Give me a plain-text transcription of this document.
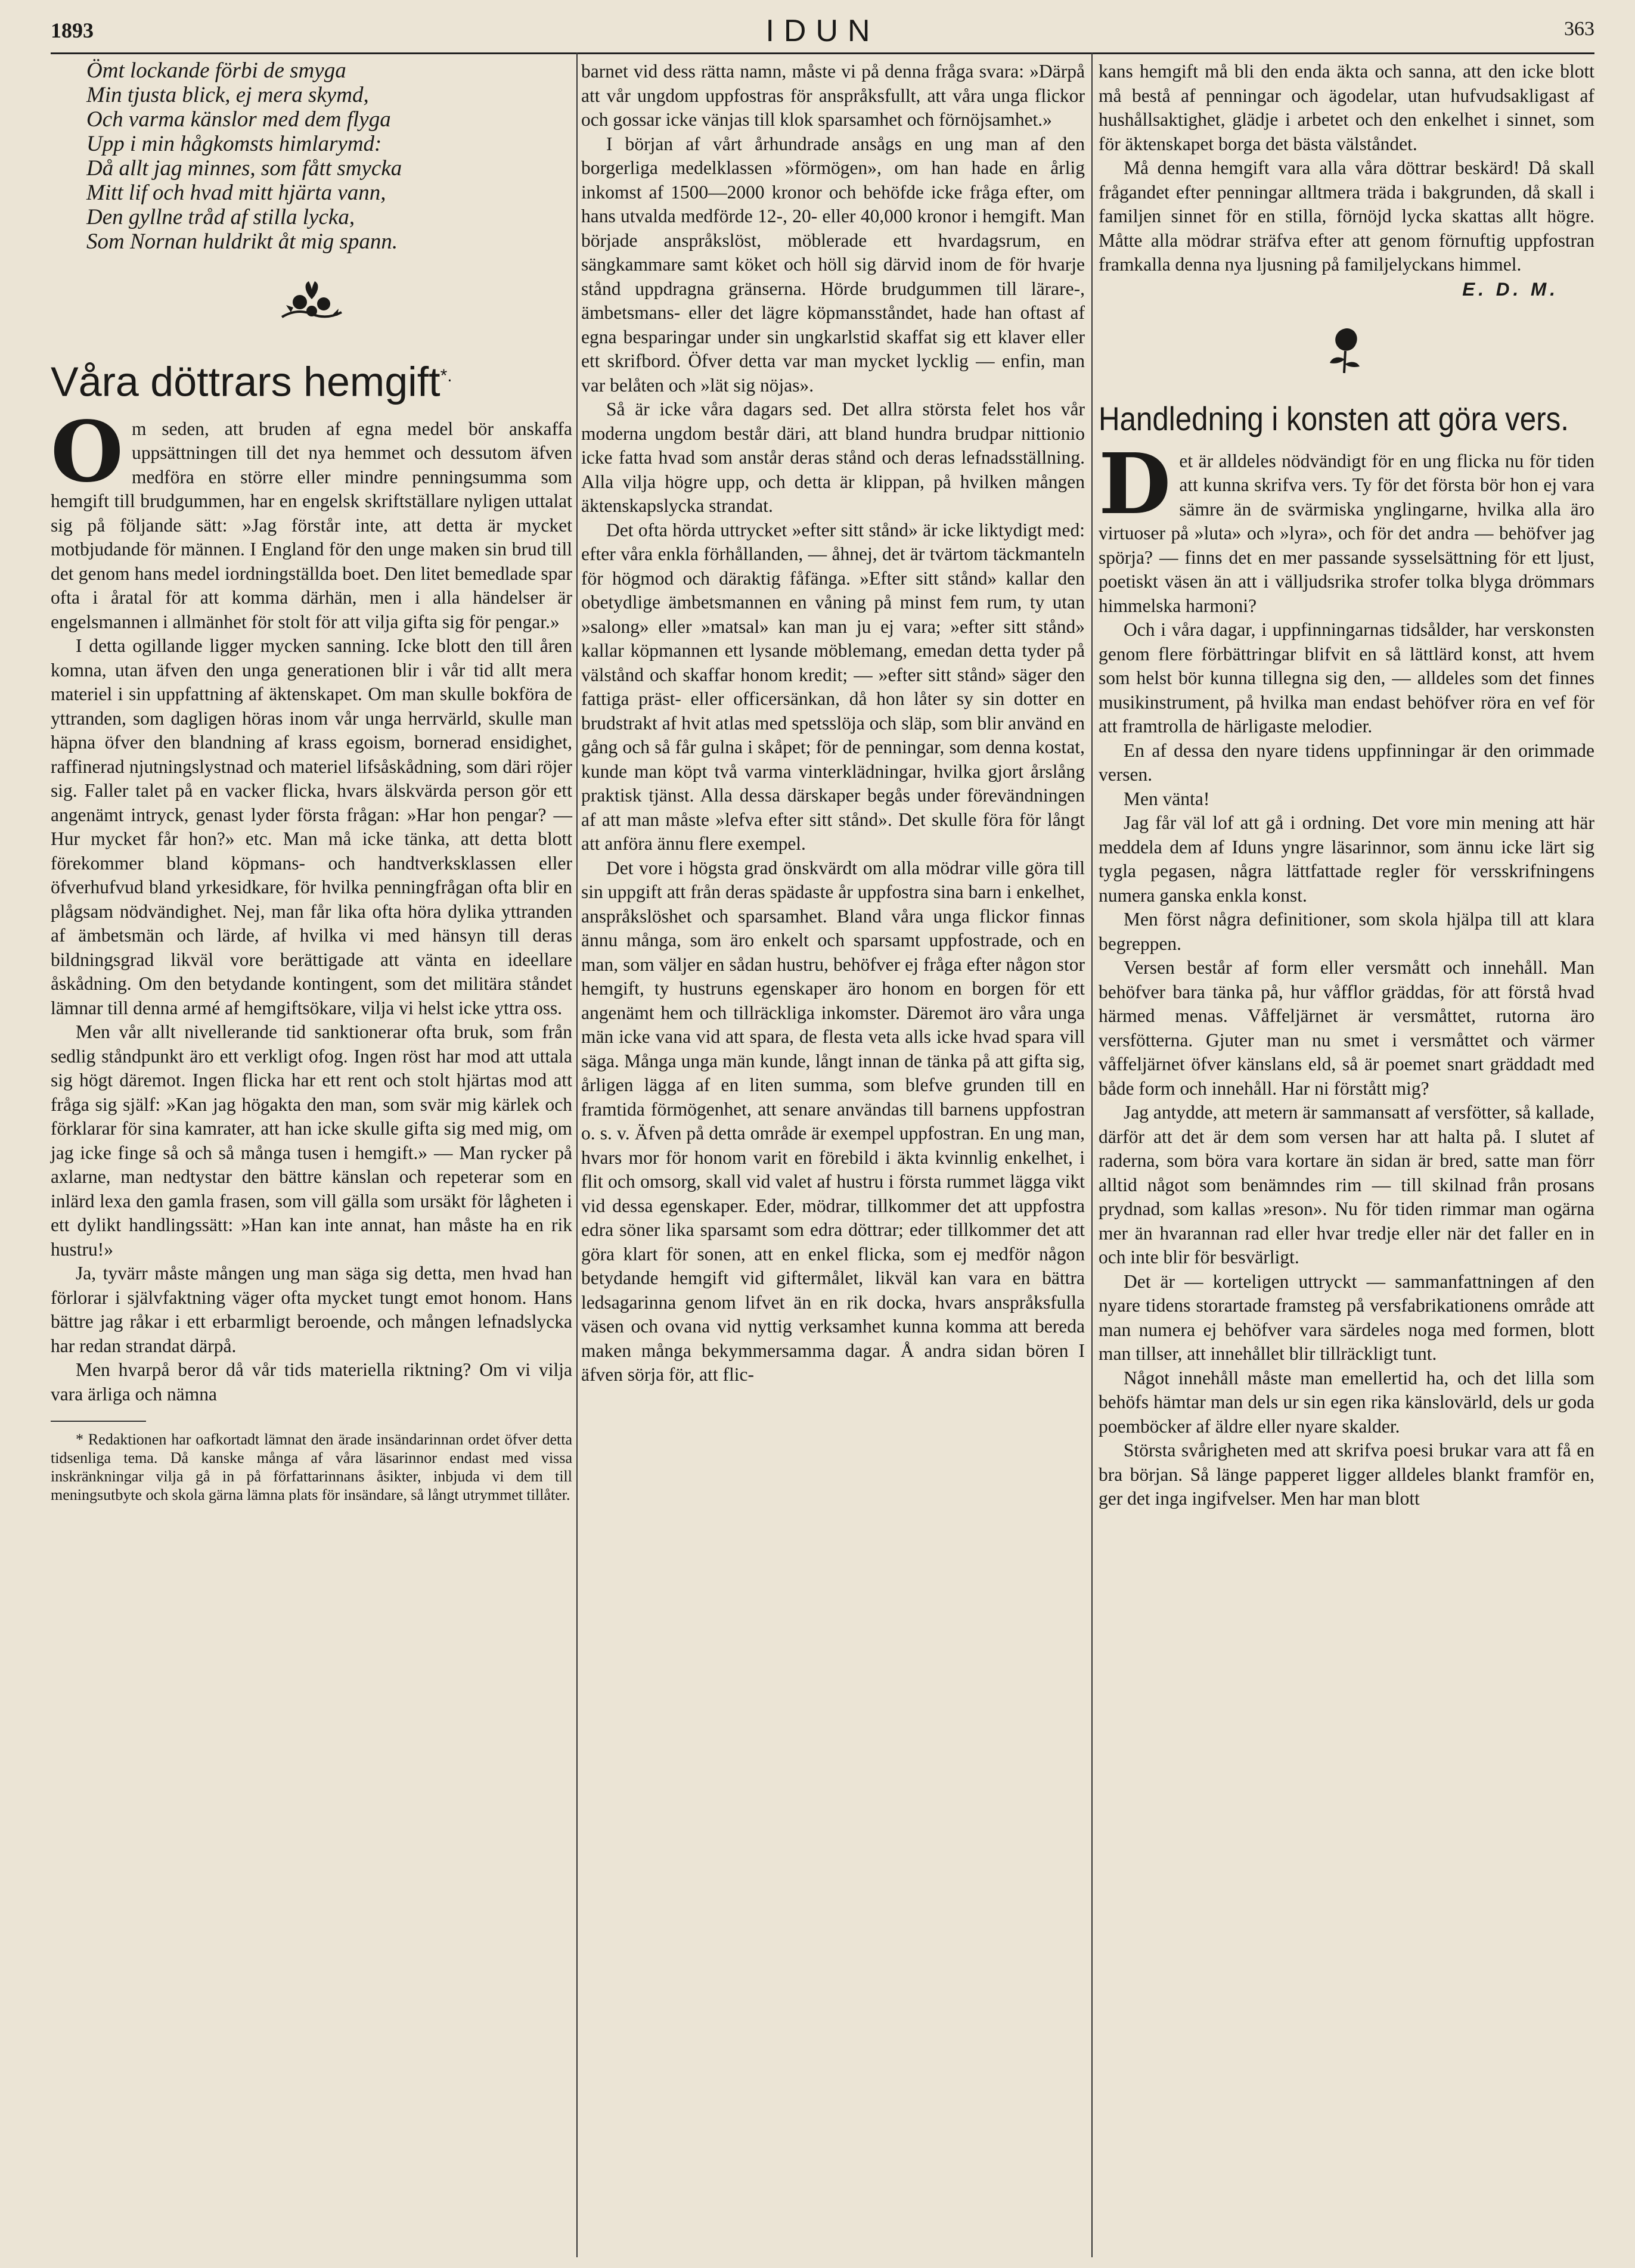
1893	IDUN	363
Ömt lockande förbi de smyga
Min tjusta blick, ej mera skymd,
Och varma känslor med dem flyga
Upp i min hågkomsts himlarymd:
Då allt jag minnes, som fått smycka
Mitt lif och hvad mitt hjärta vann,
Den gyllne tråd af stilla lycka,
Som Nornan huldrikt åt mig spann.
Våra döttrars hemgift*.

Om seden, att bruden af egna medel bör anskaffa uppsättningen till det nya hemmet och dessutom äfven medföra en större eller mindre penningsumma som hemgift till brudgummen, har en engelsk skriftställare nyligen uttalat sig på följande sätt: »Jag förstår inte, att detta är mycket motbjudande för männen. I England för den unge maken sin brud till det genom hans medel iordningställda boet. Den litet bemedlade spar ofta i åratal för att komma därhän, men i alla händelser är engelsmannen i allmänhet för stolt för att vilja gifta sig för pengar.»

I detta ogillande ligger mycken sanning. Icke blott den till åren komna, utan äfven den unga generationen blir i vår tid allt mera materiel i sin uppfattning af äktenskapet. Om man skulle bokföra de yttranden, som dagligen höras inom vår unga herrvärld, skulle man häpna öfver den blandning af krass egoism, bornerad ensidighet, raffinerad njutningslystnad och materiel lifsåskådning, som däri röjer sig. Faller talet på en vacker flicka, hvars älskvärda person gör ett angenämt intryck, genast lyder första frågan: »Har hon pengar? — Hur mycket får hon?» etc. Man må icke tänka, att detta blott förekommer bland köpmans- och handtverksklassen eller öfverhufvud bland yrkesidkare, för hvilka penningfrågan ofta blir en plågsam nödvändighet. Nej, man får lika ofta höra dylika yttranden af ämbetsmän och lärde, af hvilka vi med hänsyn till deras bildningsgrad likväl vore berättigade att vänta en ideellare åskådning. Om den betydande kontingent, som det militära ståndet lämnar till denna armé af hemgiftsökare, vilja vi helst icke yttra oss.

Men vår allt nivellerande tid sanktionerar ofta bruk, som från sedlig ståndpunkt äro ett verkligt ofog. Ingen röst har mod att uttala sig högt däremot. Ingen flicka har ett rent och stolt hjärtas mod att fråga sig själf: »Kan jag högakta den man, som svär mig kärlek och förklarar för sina kamrater, att han icke skulle gifta sig med mig, om jag icke finge så och så många tusen i hemgift.» — Man rycker på axlarne, man nedtystar den bättre känslan och repeterar som en inlärd lexa den gamla frasen, som vill gälla som ursäkt för lågheten i ett dylikt handlingssätt: »Han kan inte annat, han måste ha en rik hustru!»

Ja, tyvärr måste mången ung man säga sig detta, men hvad han förlorar i självfaktning väger ofta mycket tungt emot honom. Hans bättre jag råkar i ett erbarmligt beroende, och mången lefnadslycka har redan strandat därpå.

Men hvarpå beror då vår tids materiella riktning? Om vi vilja vara ärliga och nämna

* Redaktionen har oafkortadt lämnat den ärade insändarinnan ordet öfver detta tidsenliga tema. Då kanske många af våra läsarinnor endast med vissa inskränkningar vilja gå in på författarinnans åsikter, inbjuda vi dem till meningsutbyte och skola gärna lämna plats för insändare, så långt utrymmet tillåter.

barnet vid dess rätta namn, måste vi på denna fråga svara: »Därpå att vår ungdom uppfostras för anspråksfullt, att våra unga flickor och gossar icke vänjas till klok sparsamhet och förnöjsamhet.»

I början af vårt århundrade ansågs en ung man af den borgerliga medelklassen »förmögen», om han hade en årlig inkomst af 1500—2000 kronor och behöfde icke fråga efter, om hans utvalda medförde 12-, 20- eller 40,000 kronor i hemgift. Man började anspråkslöst, möblerade ett hvardagsrum, en sängkammare samt köket och höll sig därvid inom de för hvarje stånd uppdragna gränserna. Hörde brudgummen till lärare-, ämbetsmans- eller det lägre köpmansståndet, hade han oftast af egna besparingar under sin ungkarlstid skaffat sig ett klaver eller ett skrifbord. Öfver detta var man mycket lycklig — enfin, man var belåten och »lät sig nöjas».

Så är icke våra dagars sed. Det allra största felet hos vår moderna ungdom består däri, att bland hundra brudpar nittionio icke fatta hvad som anstår deras stånd och deras lefnadsställning. Alla vilja högre upp, och detta är klippan, på hvilken mången äktenskapslycka strandat.

Det ofta hörda uttrycket »efter sitt stånd» är icke liktydigt med: efter våra enkla förhållanden, — åhnej, det är tvärtom täckmanteln för högmod och däraktig fåfänga. »Efter sitt stånd» kallar den obetydlige ämbetsmannen en våning på minst fem rum, ty utan »salong» eller »matsal» kan man ju ej vara; »efter sitt stånd» kallar köpmannen ett lysande möblemang, emedan detta tyder på välstånd och skaffar honom kredit; — »efter sitt stånd» säger den fattiga präst- eller officersänkan, då hon låter sy sin dotter en brudstrakt af hvit atlas med spetsslöja och släp, som blir använd en gång och så får gulna i skåpet; för de penningar, som denna kostat, kunde man köpt två varma vinterklädningar, hvilka gjort årslång praktisk tjänst. Alla dessa därskaper begås under förevändningen af att man måste »lefva efter sitt stånd». Det skulle föra för långt att anföra ännu flere exempel.

Det vore i högsta grad önskvärdt om alla mödrar ville göra till sin uppgift att från deras spädaste år uppfostra sina barn i enkelhet, anspråkslöshet och sparsamhet. Bland våra unga flickor finnas ännu många, som äro enkelt och sparsamt uppfostrade, och en man, som väljer en sådan hustru, behöfver ej fråga efter någon stor hemgift, ty hustruns egenskaper äro honom en borgen för ett angenämt hem och tillräckliga inkomster. Däremot äro våra unga män icke vana vid att spara, de flesta veta alls icke hvad spara vill säga. Många unga män kunde, långt innan de tänka på att gifta sig, årligen lägga af en liten summa, som blefve grunden till en framtida förmögenhet, att senare användas till barnens uppfostran o. s. v. Äfven på detta område är exempel uppfostran. En ung man, hvars mor för honom varit en förebild i äkta kvinnlig enkelhet, i flit och omsorg, skall vid valet af hustru i första rummet lägga vikt vid dessa egenskaper. Eder, mödrar, tillkommer det att uppfostra edra söner lika sparsamt som edra döttrar; eder tillkommer det att göra klart för sonen, att en enkel flicka, som ej medför någon betydande hemgift vid giftermålet, likväl kan vara en bättra ledsagarinna genom lifvet än en rik docka, hvars anspråksfulla väsen och ovana vid nyttig verksamhet kunna komma att bereda maken många bekymmersamma dagar. Å andra sidan bören I äfven sörja för, att flic-

kans hemgift må bli den enda äkta och sanna, att den icke blott må bestå af penningar och ägodelar, utan hufvudsakligast af hushållsaktighet, glädje i arbetet och den enkelhet i sinnet, som för äktenskapet borga det bästa välståndet.

Må denna hemgift vara alla våra döttrar beskärd! Då skall frågandet efter penningar alltmera träda i bakgrunden, då skall i familjen sinnet för en stilla, förnöjd lycka skattas allt högre. Måtte alla mödrar sträfva efter att genom förnuftig uppfostran framkalla denna nya ljusning på familjelyckans himmel.

E. D. M.
Handledning i konsten att göra vers.

Det är alldeles nödvändigt för en ung flicka nu för tiden att kunna skrifva vers. Ty för det första bör hon ej vara sämre än de svärmiska ynglingarne, hvilka alla äro virtuoser på »luta» och »lyra», och för det andra — behöfver jag spörja? — finns det en mer passande sysselsättning för ett ljust, poetiskt väsen än att i välljudsrika strofer tolka blyga drömmars himmelska harmoni?

Och i våra dagar, i uppfinningarnas tidsålder, har verskonsten genom flere förbättringar blifvit en så lättlärd konst, att hvem som helst bör kunna tillegna sig den, — alldeles som det finnes musikinstrument, på hvilka man endast behöfver röra en vef för att framtrolla de härligaste melodier.

En af dessa den nyare tidens uppfinningar är den orimmade versen.

Men vänta!

Jag får väl lof att gå i ordning. Det vore min mening att här meddela dem af Iduns yngre läsarinnor, som ännu icke lärt sig tygla pegasen, några lättfattade regler för versskrifningens numera ganska enkla konst.

Men först några definitioner, som skola hjälpa till att klara begreppen.

Versen består af form eller versmått och innehåll. Man behöfver bara tänka på, hur våfflor gräddas, för att förstå hvad härmed menas. Våffeljärnet är versmåttet, rutorna äro versfötterna. Gjuter man nu smet i versmåttet och värmer våffeljärnet öfver känslans eld, så är poemet snart gräddadt med både form och innehåll. Har ni förstått mig?

Jag antydde, att metern är sammansatt af versfötter, så kallade, därför att det är dem som versen har att halta på. I slutet af raderna, som böra vara kortare än sidan är bred, satte man förr alltid något som benämndes rim — till skilnad från prosans prydnad, som kallas »reson». Nu för tiden rimmar man ogärna mer än hvarannan rad eller hvar tredje eller när det faller en in och inte blir för besvärligt.

Det är — korteligen uttryckt — sammanfattningen af den nyare tidens storartade framsteg på versfabrikationens område att man numera ej behöfver vara särdeles noga med formen, blott man tillser, att innehållet blir tillräckligt tunt.

Något innehåll måste man emellertid ha, och det lilla som behöfs hämtar man dels ur sin egen rika känslovärld, dels ur goda poemböcker af äldre eller nyare skalder.

Största svårigheten med att skrifva poesi brukar vara att få en bra början. Så länge papperet ligger alldeles blankt framför en, ger det inga ingifvelser. Men har man blott
